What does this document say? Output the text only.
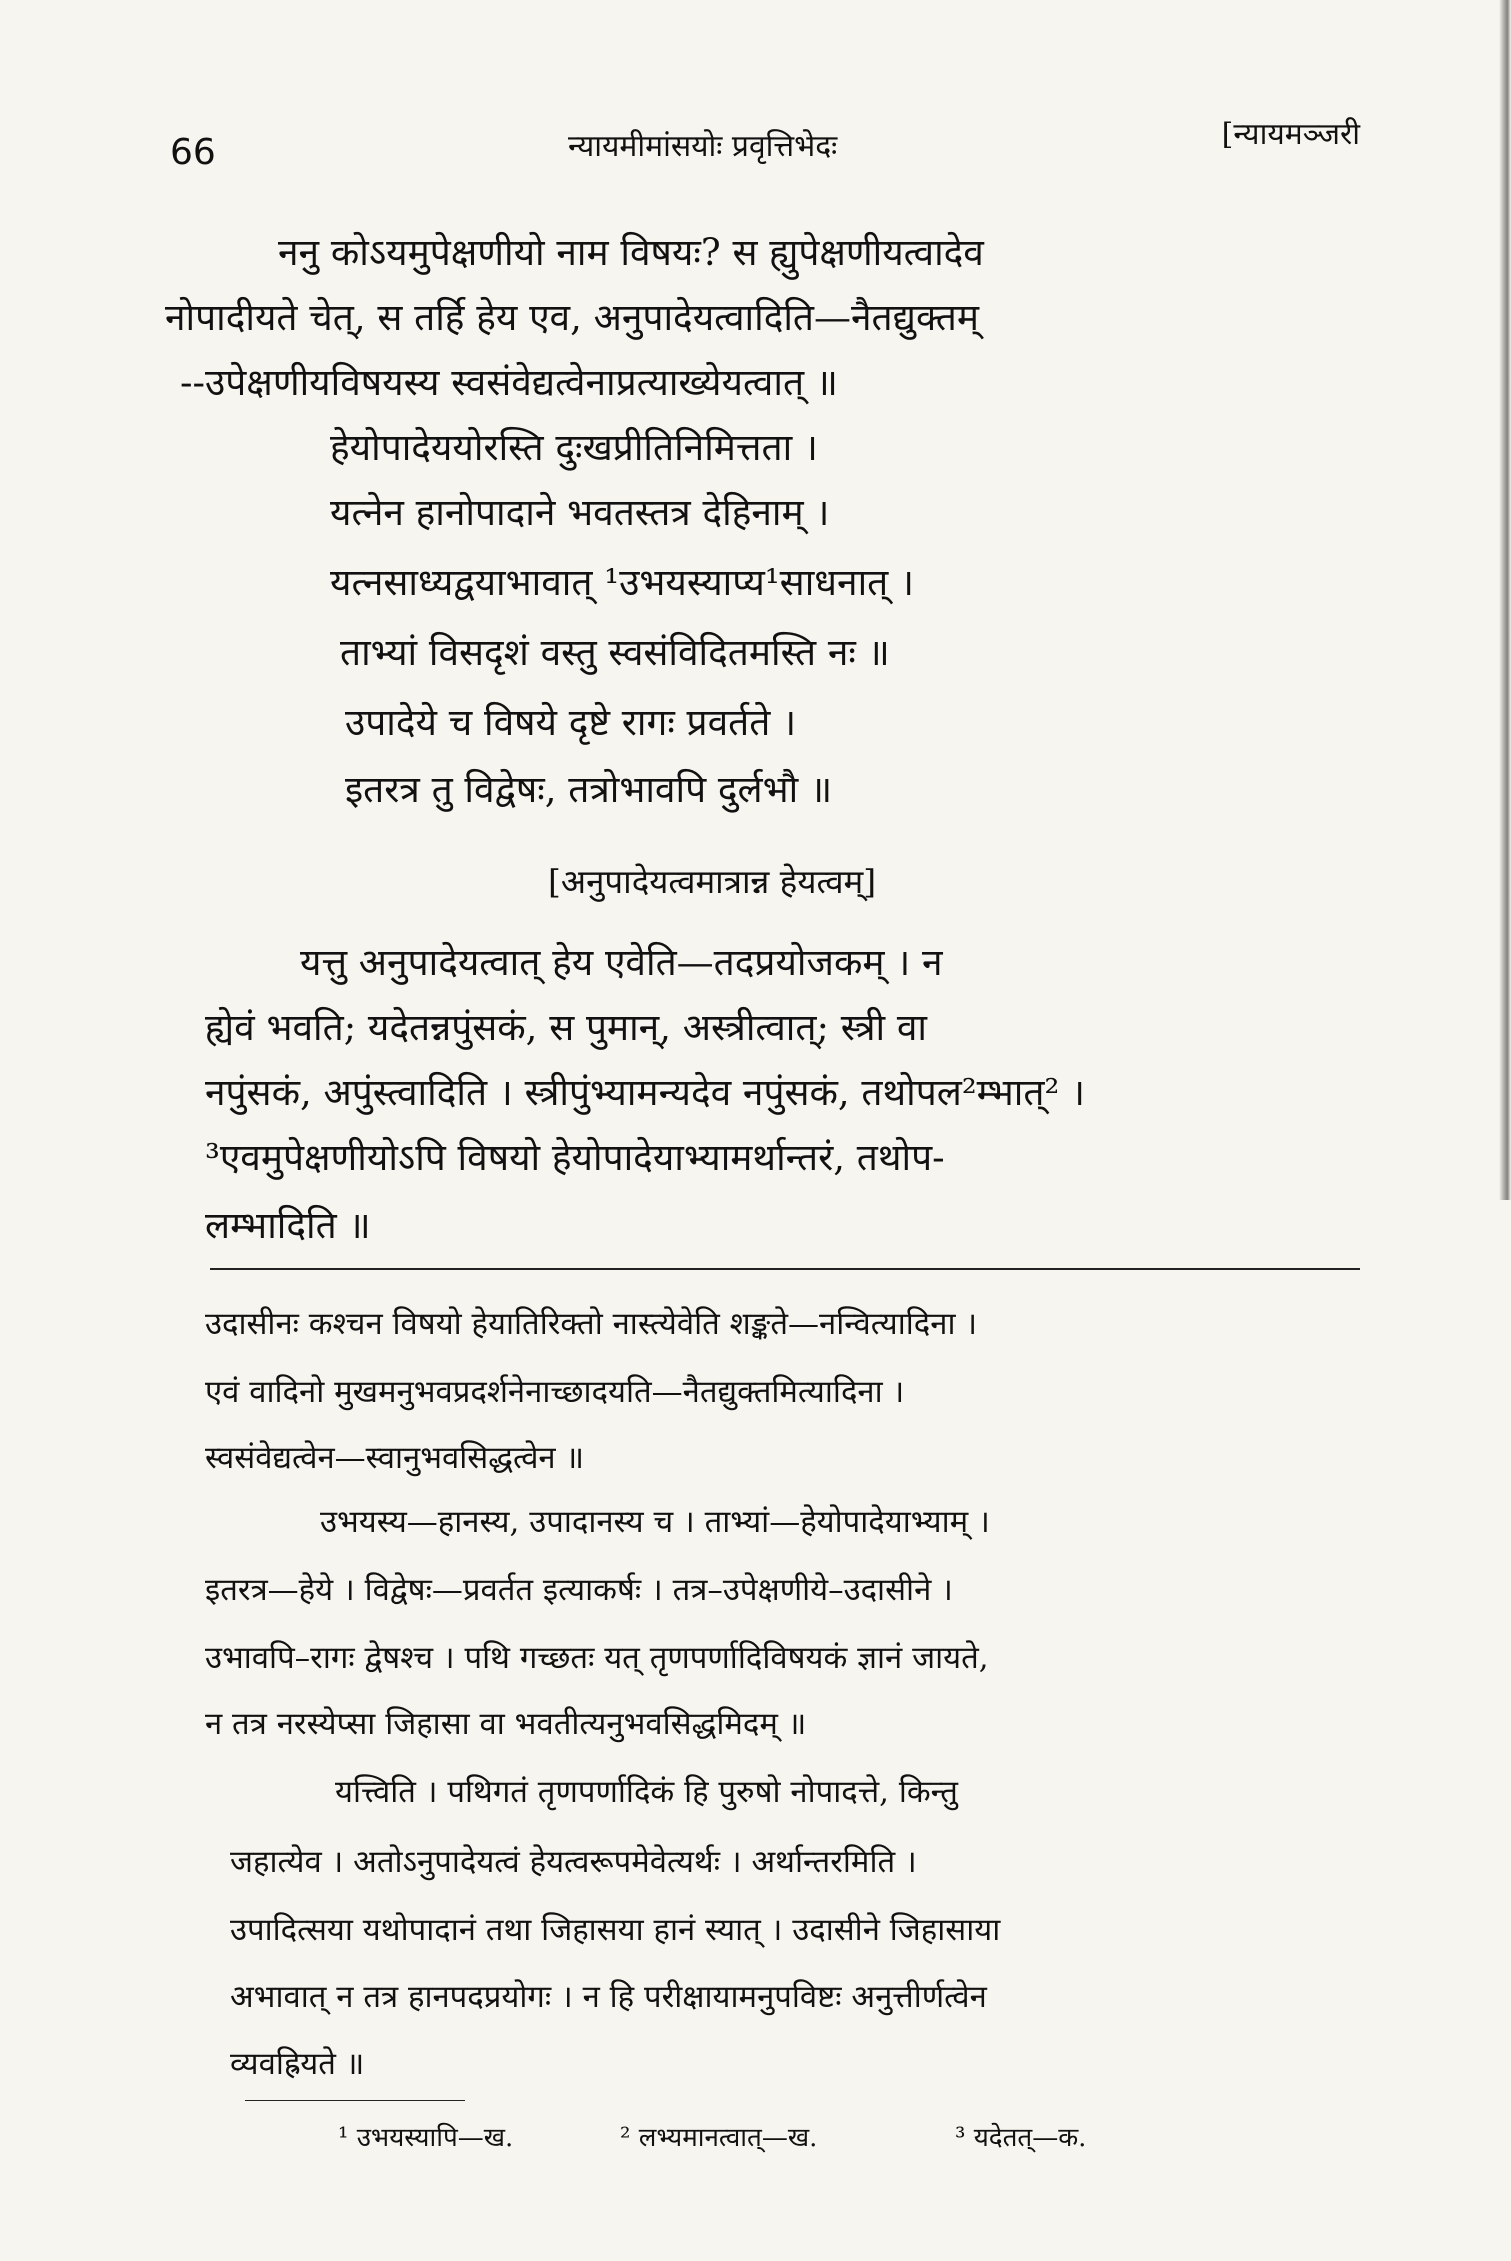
66	न्यायमीमांसयोः प्रवृत्तिभेदः	[न्यायमञ्जरी
ननु कोऽयमुपेक्षणीयो नाम विषयः? स ह्युपेक्षणीयत्वादेव
नोपादीयते चेत्, स तर्हि हेय एव, अनुपादेयत्वादिति—नैतद्युक्तम्
--उपेक्षणीयविषयस्य स्वसंवेद्यत्वेनाप्रत्याख्येयत्वात् ॥
हेयोपादेययोरस्ति दुःखप्रीतिनिमित्तता ।
यत्नेन हानोपादाने भवतस्तत्र देहिनाम् ।
यत्नसाध्यद्वयाभावात् ¹उभयस्याप्य¹साधनात् ।
ताभ्यां विसदृशं वस्तु स्वसंविदितमस्ति नः ॥
उपादेये च विषये दृष्टे रागः प्रवर्तते ।
इतरत्र तु विद्वेषः, तत्रोभावपि दुर्लभौ ॥
[अनुपादेयत्वमात्रान्न हेयत्वम्]
यत्तु अनुपादेयत्वात् हेय एवेति—तदप्रयोजकम् । न
ह्येवं भवति; यदेतन्नपुंसकं, स पुमान्, अस्त्रीत्वात्; स्त्री वा
नपुंसकं, अपुंस्त्वादिति । स्त्रीपुंभ्यामन्यदेव नपुंसकं, तथोपल²म्भात्² ।
³एवमुपेक्षणीयोऽपि विषयो हेयोपादेयाभ्यामर्थान्तरं, तथोप-
लम्भादिति ॥
उदासीनः कश्चन विषयो हेयातिरिक्तो नास्त्येवेति शङ्कते—नन्वित्यादिना ।
एवं वादिनो मुखमनुभवप्रदर्शनेनाच्छादयति—नैतद्युक्तमित्यादिना ।
स्वसंवेद्यत्वेन—स्वानुभवसिद्धत्वेन ॥
उभयस्य—हानस्य, उपादानस्य च । ताभ्यां—हेयोपादेयाभ्याम् ।
इतरत्र—हेये । विद्वेषः—प्रवर्तत इत्याकर्षः । तत्र–उपेक्षणीये–उदासीने ।
उभावपि–रागः द्वेषश्च । पथि गच्छतः यत् तृणपर्णादिविषयकं ज्ञानं जायते,
न तत्र नरस्येप्सा जिहासा वा भवतीत्यनुभवसिद्धमिदम् ॥
यत्त्विति । पथिगतं तृणपर्णादिकं हि पुरुषो नोपादत्ते, किन्तु
जहात्येव । अतोऽनुपादेयत्वं हेयत्वरूपमेवेत्यर्थः । अर्थान्तरमिति ।
उपादित्सया यथोपादानं तथा जिहासया हानं स्यात् । उदासीने जिहासाया
अभावात् न तत्र हानपदप्रयोगः । न हि परीक्षायामनुपविष्टः अनुत्तीर्णत्वेन
व्यवह्रियते ॥
¹ उभयस्यापि—ख.	² लभ्यमानत्वात्—ख.	³ यदेतत्—क.
